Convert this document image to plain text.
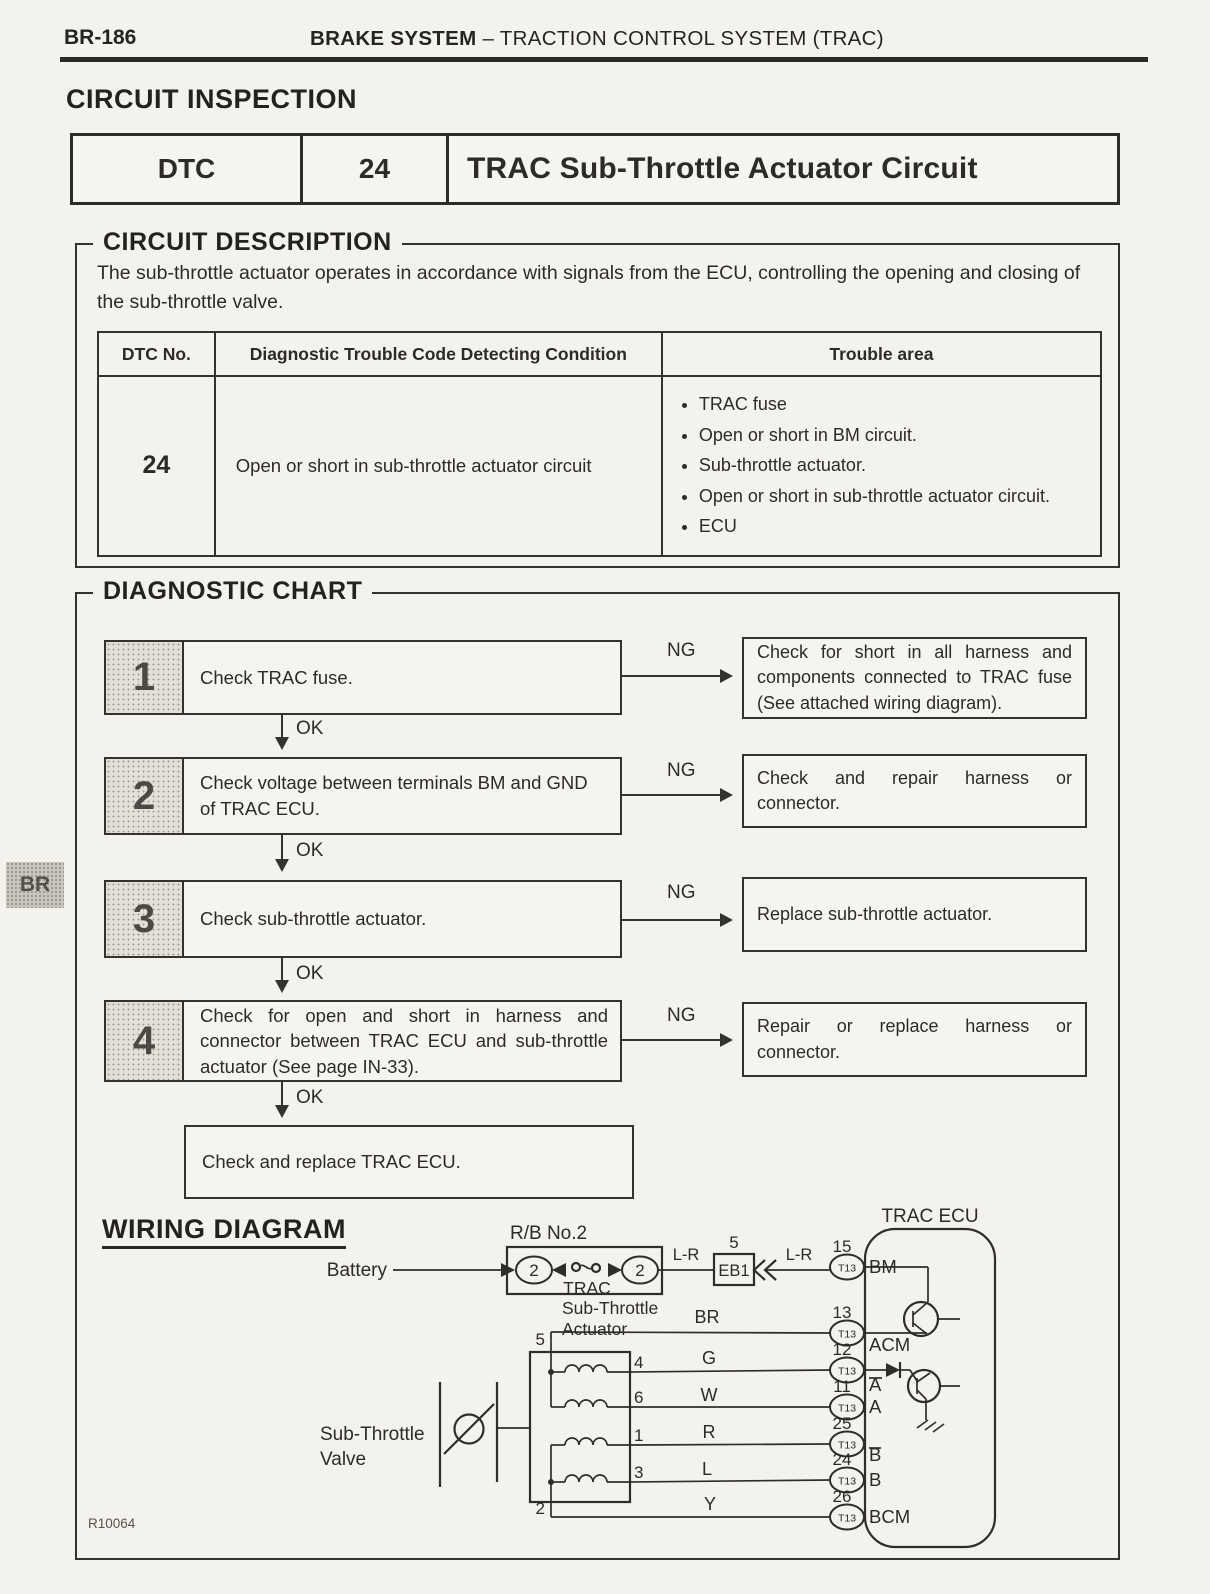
BR-186	BRAKE SYSTEM – TRACTION CONTROL SYSTEM (TRAC)
CIRCUIT INSPECTION
DTC	24	TRAC Sub-Throttle Actuator Circuit
CIRCUIT DESCRIPTION

The sub-throttle actuator operates in accordance with signals from the ECU, controlling the opening and closing of the sub-throttle valve.

DTC No.	Diagnostic Trouble Code Detecting Condition	Trouble area
24	Open or short in sub-throttle actuator circuit	
• TRAC fuse
• Open or short in BM circuit.
• Sub-throttle actuator.
• Open or short in sub-throttle actuator circuit.
• ECU
DIAGNOSTIC CHART
1	Check TRAC fuse.
NG	Check for short in all harness and components connected to TRAC fuse (See attached wiring diagram).
OK
2	Check voltage between terminals BM and GND of TRAC ECU.
NG	Check and repair harness or connector.
OK
3	Check sub-throttle actuator.
NG
Replace sub-throttle actuator.
OK
4
Check for open and short in harness and connector between TRAC ECU and sub-throttle actuator (See page IN-33).
NG
Repair or replace harness or connector.
OK
Check and replace TRAC ECU.
WIRING DIAGRAM
Battery
R/B No.2
2	2
TRAC
L-R
5
EB1
L-R
TRAC ECU
Sub-Throttle
Actuator
5
4
6
1
3
2
Sub-Throttle
Valve
BR
G
W
R
L
Y
T13
15
BM
T13
13
ACM
T13
12
A
T13
11
A
T13
25
B
T13
24
B
T13
26
BCM
R10064
BR
